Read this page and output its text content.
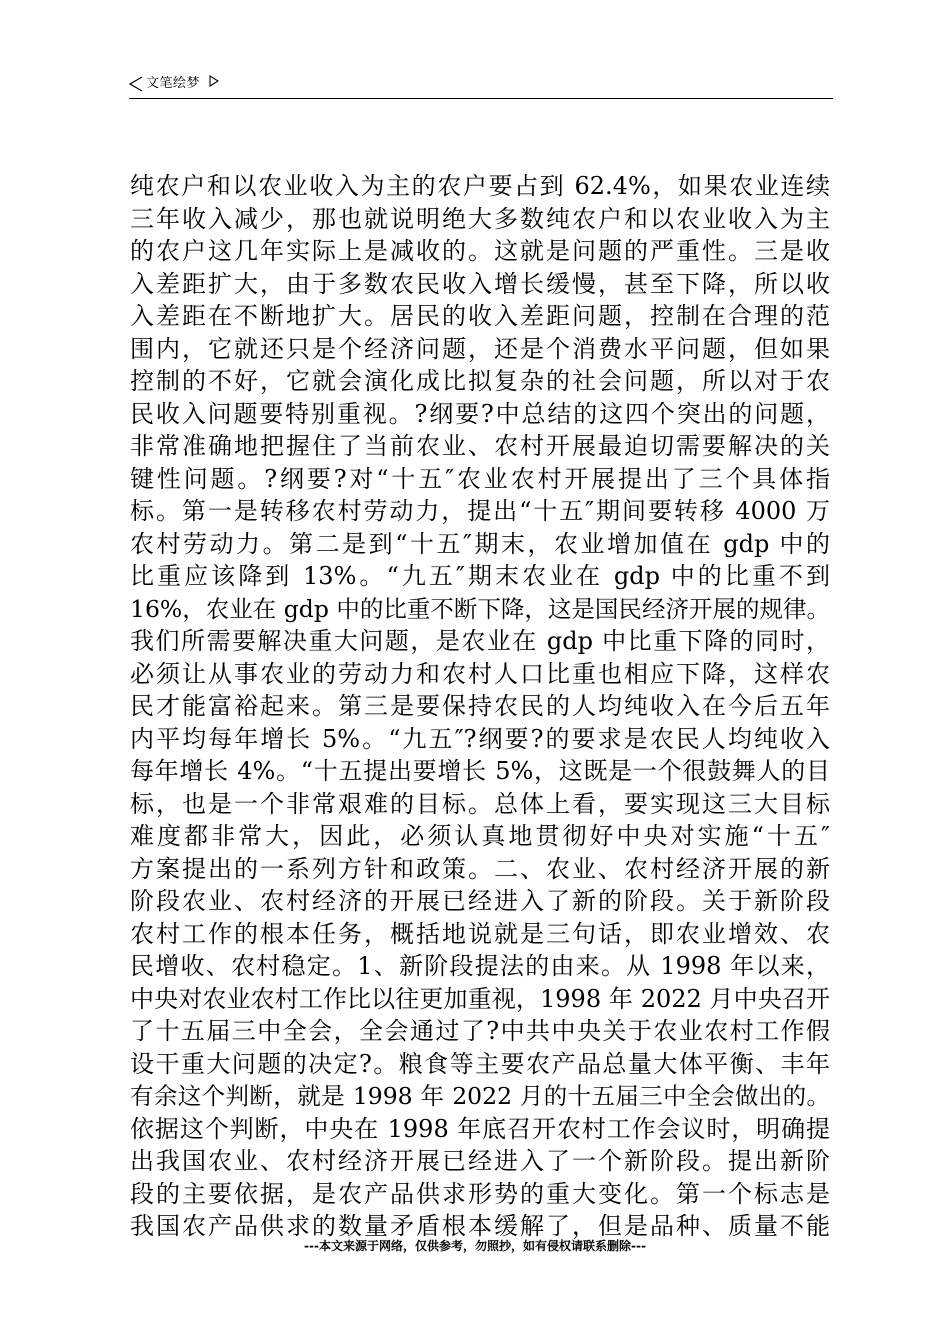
文笔绘梦
纯农户和以农业收入为主的农户要占到 62.4%，如果农业连续
三年收入减少，那也就说明绝大多数纯农户和以农业收入为主
的农户这几年实际上是减收的。这就是问题的严重性。三是收
入差距扩大，由于多数农民收入增长缓慢，甚至下降，所以收
入差距在不断地扩大。居民的收入差距问题，控制在合理的范
围内，它就还只是个经济问题，还是个消费水平问题，但如果
控制的不好，它就会演化成比拟复杂的社会问题，所以对于农
民收入问题要特别重视。?纲要?中总结的这四个突出的问题，
非常准确地把握住了当前农业、农村开展最迫切需要解决的关
键性问题。?纲要?对“十五″农业农村开展提出了三个具体指
标。第一是转移农村劳动力，提出“十五″期间要转移 4000 万
农村劳动力。第二是到“十五″期末，农业增加值在 gdp 中的
比重应该降到 13%。“九五″期末农业在 gdp 中的比重不到
16%，农业在 gdp 中的比重不断下降，这是国民经济开展的规律。
我们所需要解决重大问题，是农业在 gdp 中比重下降的同时，
必须让从事农业的劳动力和农村人口比重也相应下降，这样农
民才能富裕起来。第三是要保持农民的人均纯收入在今后五年
内平均每年增长 5%。“九五″?纲要?的要求是农民人均纯收入
每年增长 4%。“十五提出要增长 5%，这既是一个很鼓舞人的目
标，也是一个非常艰难的目标。总体上看，要实现这三大目标
难度都非常大，因此，必须认真地贯彻好中央对实施“十五″
方案提出的一系列方针和政策。二、农业、农村经济开展的新
阶段农业、农村经济的开展已经进入了新的阶段。关于新阶段
农村工作的根本任务，概括地说就是三句话，即农业增效、农
民增收、农村稳定。1、新阶段提法的由来。从 1998 年以来，
中央对农业农村工作比以往更加重视，1998 年 2022 月中央召开
了十五届三中全会，全会通过了?中共中央关于农业农村工作假
设干重大问题的决定?。粮食等主要农产品总量大体平衡、丰年
有余这个判断，就是 1998 年 2022 月的十五届三中全会做出的。
依据这个判断，中央在 1998 年底召开农村工作会议时，明确提
出我国农业、农村经济开展已经进入了一个新阶段。提出新阶
段的主要依据，是农产品供求形势的重大变化。第一个标志是
我国农产品供求的数量矛盾根本缓解了，但是品种、质量不能
---本文来源于网络，仅供参考，勿照抄，如有侵权请联系删除---
